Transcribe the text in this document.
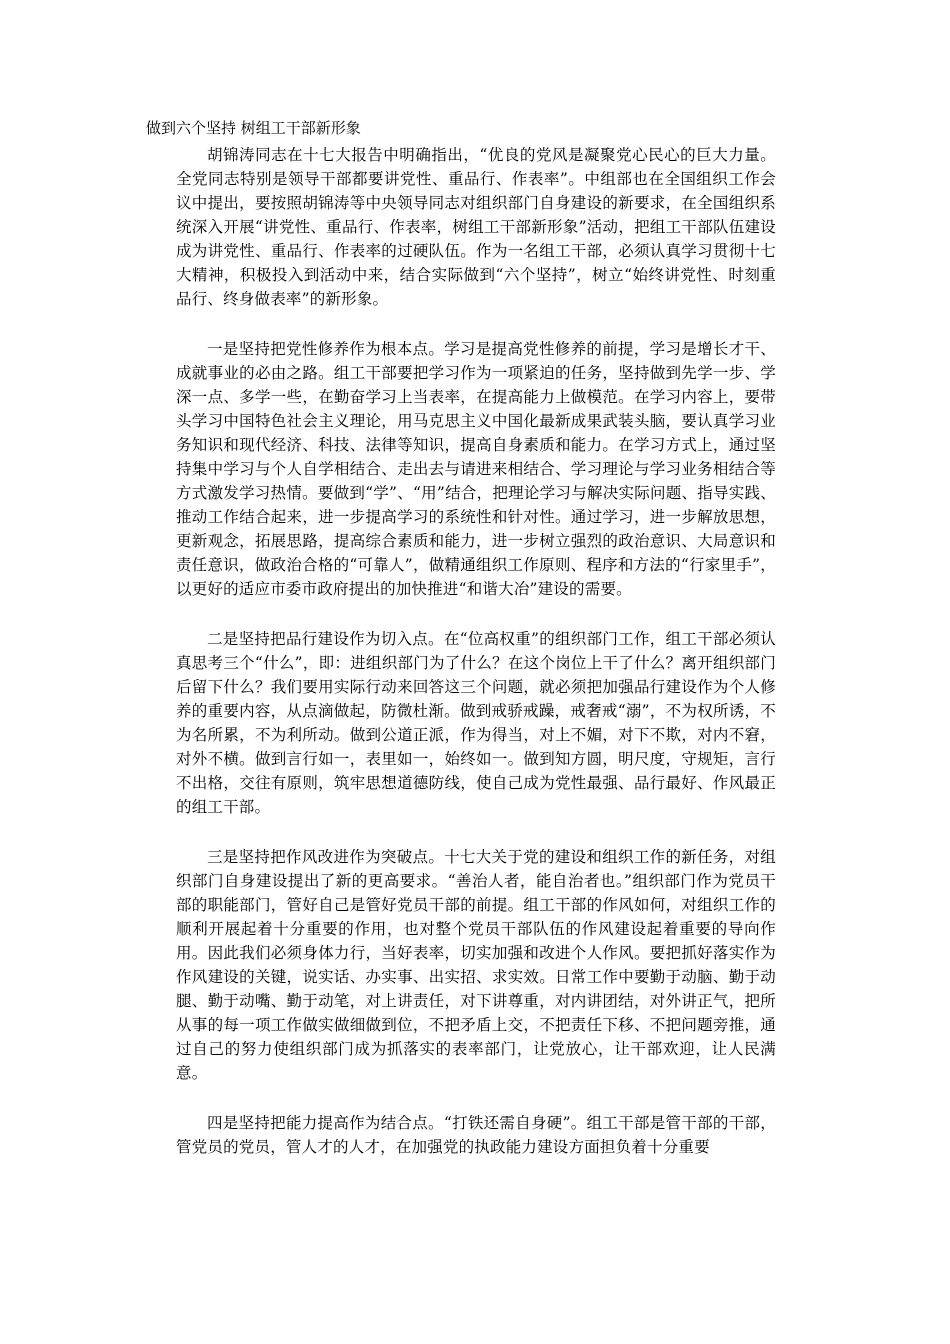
做到六个坚持 树组工干部新形象

胡锦涛同志在十七大报告中明确指出，“优良的党风是凝聚党心民心的巨大力量。全党同志特别是领导干部都要讲党性、重品行、作表率”。中组部也在全国组织工作会议中提出，要按照胡锦涛等中央领导同志对组织部门自身建设的新要求，在全国组织系统深入开展“讲党性、重品行、作表率，树组工干部新形象”活动，把组工干部队伍建设成为讲党性、重品行、作表率的过硬队伍。作为一名组工干部，必须认真学习贯彻十七大精神，积极投入到活动中来，结合实际做到“六个坚持”，树立“始终讲党性、时刻重品行、终身做表率”的新形象。

一是坚持把党性修养作为根本点。学习是提高党性修养的前提，学习是增长才干、成就事业的必由之路。组工干部要把学习作为一项紧迫的任务，坚持做到先学一步、学深一点、多学一些，在勤奋学习上当表率，在提高能力上做模范。在学习内容上，要带头学习中国特色社会主义理论，用马克思主义中国化最新成果武装头脑，要认真学习业务知识和现代经济、科技、法律等知识，提高自身素质和能力。在学习方式上，通过坚持集中学习与个人自学相结合、走出去与请进来相结合、学习理论与学习业务相结合等方式激发学习热情。要做到“学”、“用”结合，把理论学习与解决实际问题、指导实践、推动工作结合起来，进一步提高学习的系统性和针对性。通过学习，进一步解放思想，更新观念，拓展思路，提高综合素质和能力，进一步树立强烈的政治意识、大局意识和责任意识，做政治合格的“可靠人”，做精通组织工作原则、程序和方法的“行家里手”，以更好的适应市委市政府提出的加快推进“和谐大冶”建设的需要。

二是坚持把品行建设作为切入点。在“位高权重”的组织部门工作，组工干部必须认真思考三个“什么”，即：进组织部门为了什么？在这个岗位上干了什么？离开组织部门后留下什么？我们要用实际行动来回答这三个问题，就必须把加强品行建设作为个人修养的重要内容，从点滴做起，防微杜渐。做到戒骄戒躁，戒奢戒“溺”，不为权所诱，不为名所累，不为利所动。做到公道正派，作为得当，对上不媚，对下不欺，对内不窘，对外不横。做到言行如一，表里如一，始终如一。做到知方圆，明尺度，守规矩，言行不出格，交往有原则，筑牢思想道德防线，使自己成为党性最强、品行最好、作风最正的组工干部。

三是坚持把作风改进作为突破点。十七大关于党的建设和组织工作的新任务，对组织部门自身建设提出了新的更高要求。“善治人者，能自治者也。”组织部门作为党员干部的职能部门，管好自己是管好党员干部的前提。组工干部的作风如何，对组织工作的顺利开展起着十分重要的作用，也对整个党员干部队伍的作风建设起着重要的导向作用。因此我们必须身体力行，当好表率，切实加强和改进个人作风。要把抓好落实作为作风建设的关键，说实话、办实事、出实招、求实效。日常工作中要勤于动脑、勤于动腿、勤于动嘴、勤于动笔，对上讲责任，对下讲尊重，对内讲团结，对外讲正气，把所从事的每一项工作做实做细做到位，不把矛盾上交，不把责任下移、不把问题旁推，通过自己的努力使组织部门成为抓落实的表率部门，让党放心，让干部欢迎，让人民满意。

四是坚持把能力提高作为结合点。“打铁还需自身硬”。组工干部是管干部的干部，管党员的党员，管人才的人才，在加强党的执政能力建设方面担负着十分重要
